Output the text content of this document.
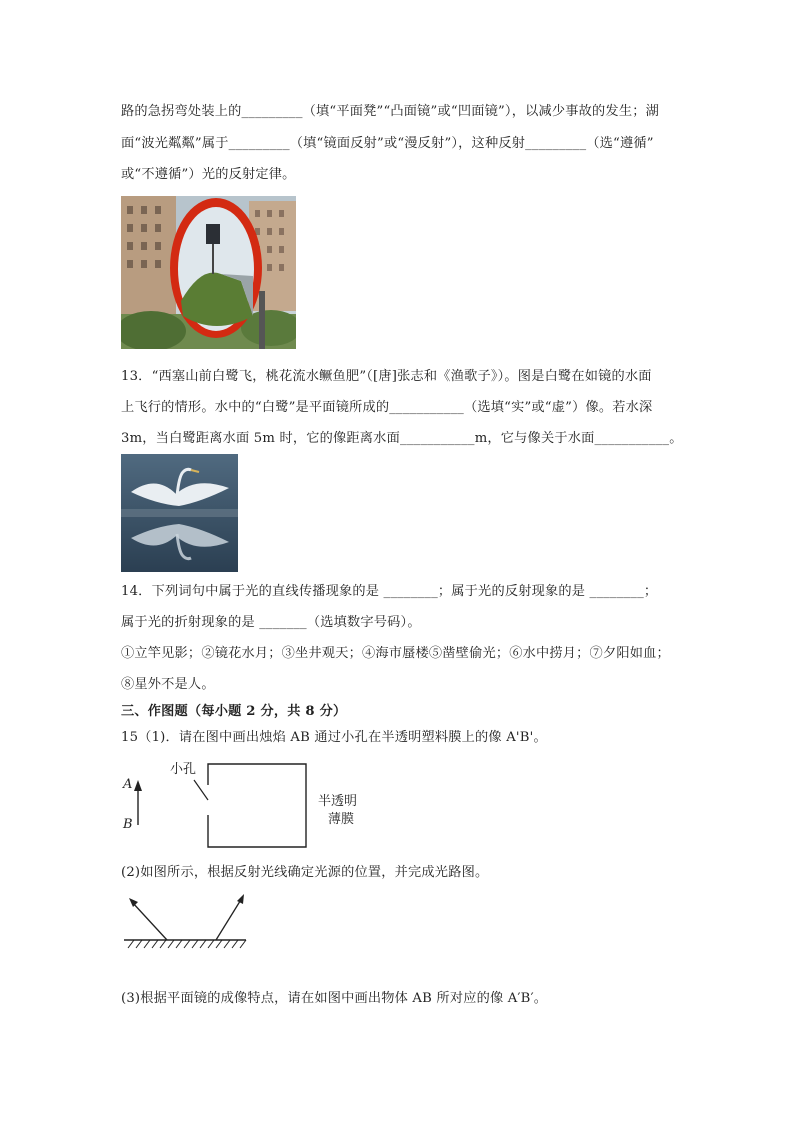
路的急拐弯处装上的_________（填“平面凳”“凸面镜”或“凹面镜”），以减少事故的发生；湖
面“波光粼粼”属于_________（填“镜面反射”或“漫反射”），这种反射_________（选“遵循”
或“不遵循”）光的反射定律。
13．“西塞山前白鹭飞，桃花流水鳜鱼肥”（[唐]张志和《渔歌子》）。图是白鹭在如镜的水面
上飞行的情形。水中的“白鹭”是平面镜所成的___________（选填“实”或“虚”）像。若水深
3m，当白鹭距离水面 5m 时，它的像距离水面___________m，它与像关于水面___________。
14．下列词句中属于光的直线传播现象的是 ________；属于光的反射现象的是 ________；
属于光的折射现象的是 _______（选填数字号码）。
①立竿见影；②镜花水月；③坐井观天；④海市蜃楼⑤凿壁偷光；⑥水中捞月；⑦夕阳如血；
⑧星外不是人。
三、作图题（每小题 2 分，共 8 分）
15（1)．请在图中画出烛焰 AB 通过小孔在半透明塑料膜上的像 A'B'。
A
B
小孔
半透明
薄膜
(2)如图所示，根据反射光线确定光源的位置，并完成光路图。
(3)根据平面镜的成像特点，请在如图中画出物体 AB 所对应的像 A′B′。
